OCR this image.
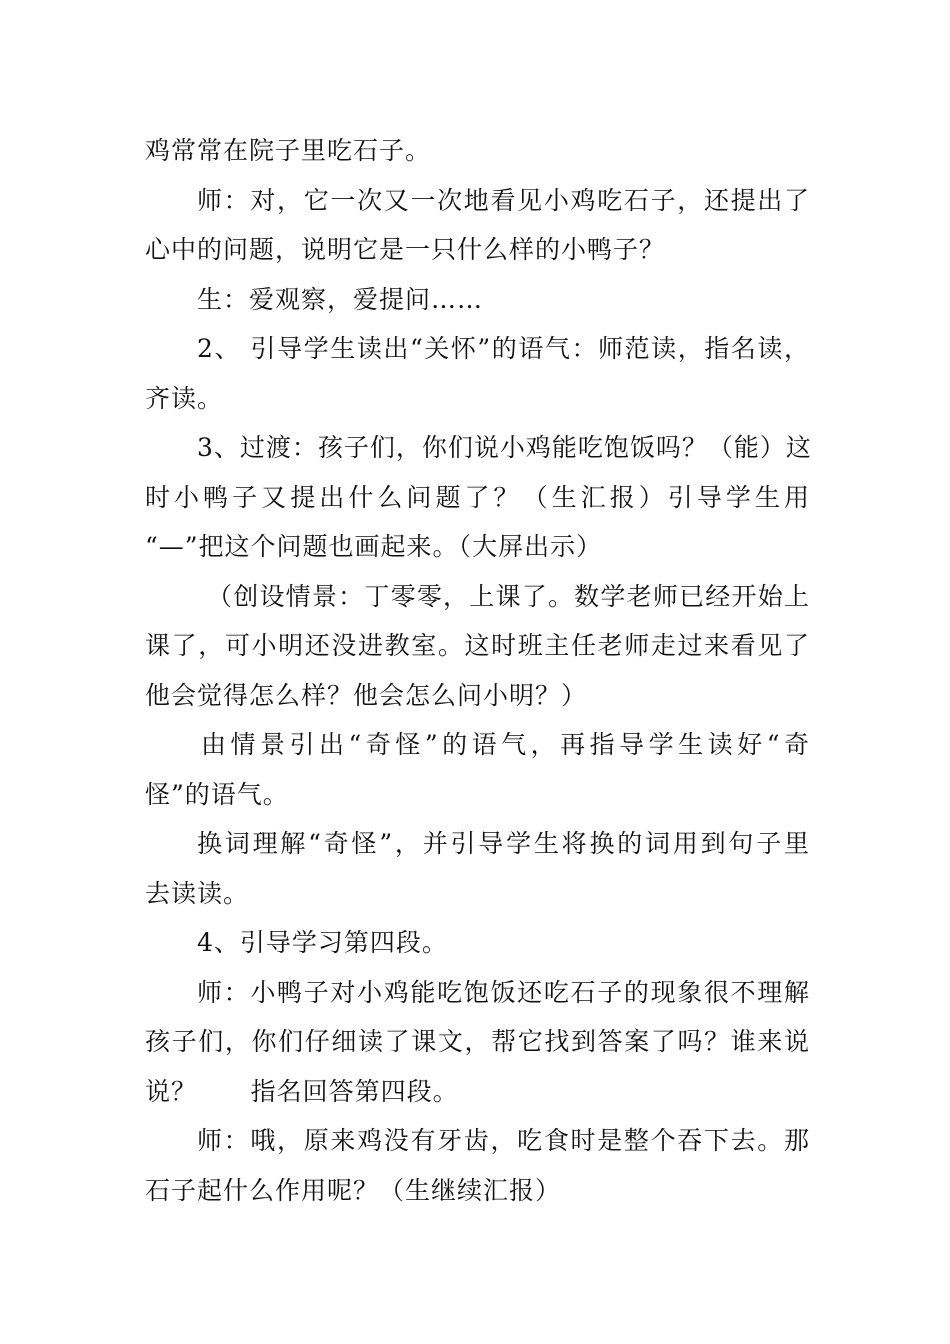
鸡常常在院子里吃石子。
师：对，它一次又一次地看见小鸡吃石子，还提出了
心中的问题，说明它是一只什么样的小鸭子？
生：爱观察，爱提问……
2、 引导学生读出“关怀”的语气：师范读，指名读，
齐读。
3、过渡：孩子们，你们说小鸡能吃饱饭吗？（能）这
时小鸭子又提出什么问题了？（生汇报）引导学生用
“—”把这个问题也画起来。（大屏出示）
（创设情景：丁零零，上课了。数学老师已经开始上
课了，可小明还没进教室。这时班主任老师走过来看见了
他会觉得怎么样？他会怎么问小明？）
由情景引出“奇怪”的语气，再指导学生读好“奇
怪”的语气。
换词理解“奇怪”，并引导学生将换的词用到句子里
去读读。
4、引导学习第四段。
师：小鸭子对小鸡能吃饱饭还吃石子的现象很不理解
孩子们，你们仔细读了课文，帮它找到答案了吗？谁来说
说？      指名回答第四段。
师：哦，原来鸡没有牙齿，吃食时是整个吞下去。那
石子起什么作用呢？（生继续汇报）
